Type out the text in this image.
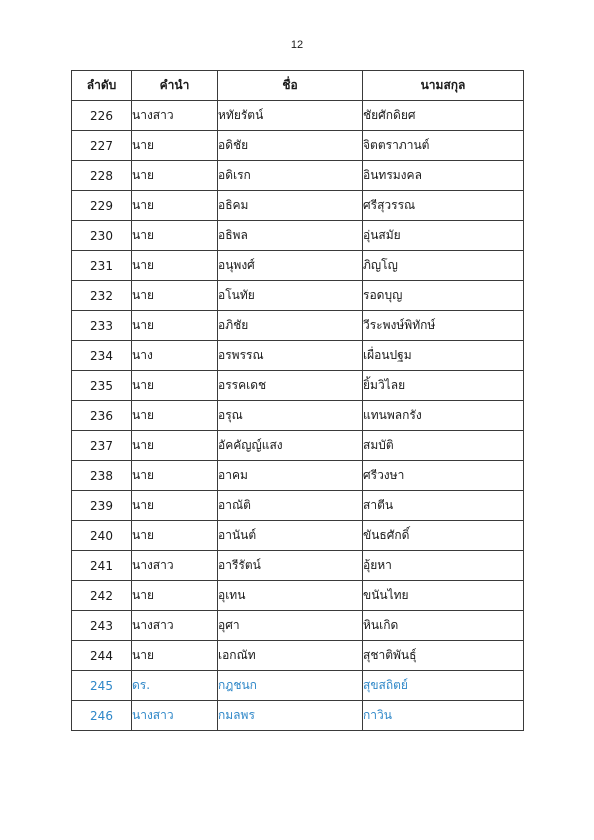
12
ลำดับ	คำนำ	ชื่อ	นามสกุล
226	นางสาว	หทัยรัตน์	ชัยศักดิยศ
227	นาย	อดิชัย	จิตตราภานต์
228	นาย	อดิเรก	อินทรมงคล
229	นาย	อธิคม	ศรีสุวรรณ
230	นาย	อธิพล	อุ่นสมัย
231	นาย	อนุพงศ์	ภิญโญ
232	นาย	อโนทัย	รอดบุญ
233	นาย	อภิชัย	วีระพงษ์พิทักษ์
234	นาง	อรพรรณ	เผื่อนปฐม
235	นาย	อรรคเดช	ยิ้มวิไลย
236	นาย	อรุณ	แทนพลกรัง
237	นาย	อัคคัญญ์แสง	สมบัติ
238	นาย	อาคม	ศรีวงษา
239	นาย	อาณัติ	สาตีน
240	นาย	อานันต์	ขันธศักดิ์
241	นางสาว	อารีรัตน์	อุ้ยหา
242	นาย	อุเทน	ขนันไทย
243	นางสาว	อุศา	หินเกิด
244	นาย	เอกณัท	สุชาติพันธุ์
245	ดร.	กฎชนก	สุขสถิตย์
246	นางสาว	กมลพร	กาวิน
